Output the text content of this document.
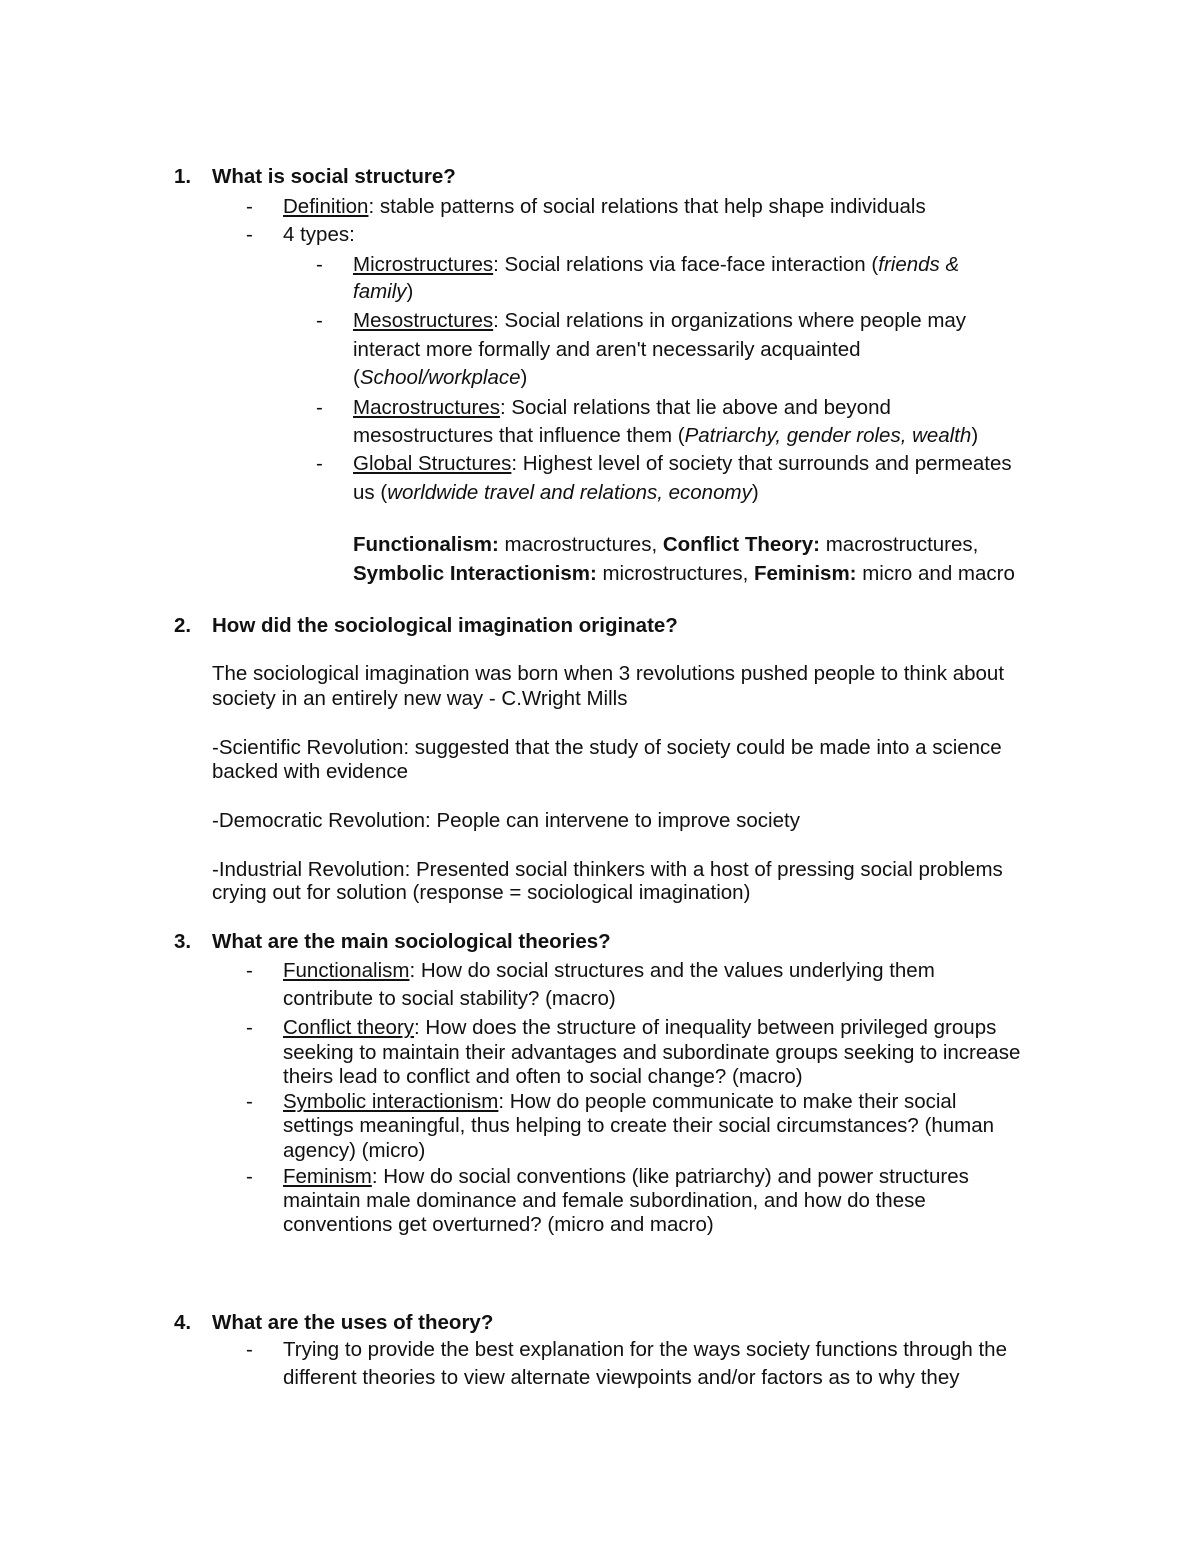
1. What is social structure?
- Definition: stable patterns of social relations that help shape individuals
- 4 types:
- Microstructures: Social relations via face-face interaction (friends &
family)
- Mesostructures: Social relations in organizations where people may
interact more formally and aren't necessarily acquainted
(School/workplace)
- Macrostructures: Social relations that lie above and beyond
mesostructures that influence them (Patriarchy, gender roles, wealth)
- Global Structures: Highest level of society that surrounds and permeates
us (worldwide travel and relations, economy)
Functionalism: macrostructures, Conflict Theory: macrostructures,
Symbolic Interactionism: microstructures, Feminism: micro and macro
2. How did the sociological imagination originate?
The sociological imagination was born when 3 revolutions pushed people to think about
society in an entirely new way - C.Wright Mills
-Scientific Revolution: suggested that the study of society could be made into a science
backed with evidence
-Democratic Revolution: People can intervene to improve society
-Industrial Revolution: Presented social thinkers with a host of pressing social problems
crying out for solution (response = sociological imagination)
3. What are the main sociological theories?
- Functionalism: How do social structures and the values underlying them
contribute to social stability? (macro)
- Conflict theory: How does the structure of inequality between privileged groups
seeking to maintain their advantages and subordinate groups seeking to increase
theirs lead to conflict and often to social change? (macro)
- Symbolic interactionism: How do people communicate to make their social
settings meaningful, thus helping to create their social circumstances? (human
agency) (micro)
- Feminism: How do social conventions (like patriarchy) and power structures
maintain male dominance and female subordination, and how do these
conventions get overturned? (micro and macro)
4. What are the uses of theory?
- Trying to provide the best explanation for the ways society functions through the
different theories to view alternate viewpoints and/or factors as to why they
